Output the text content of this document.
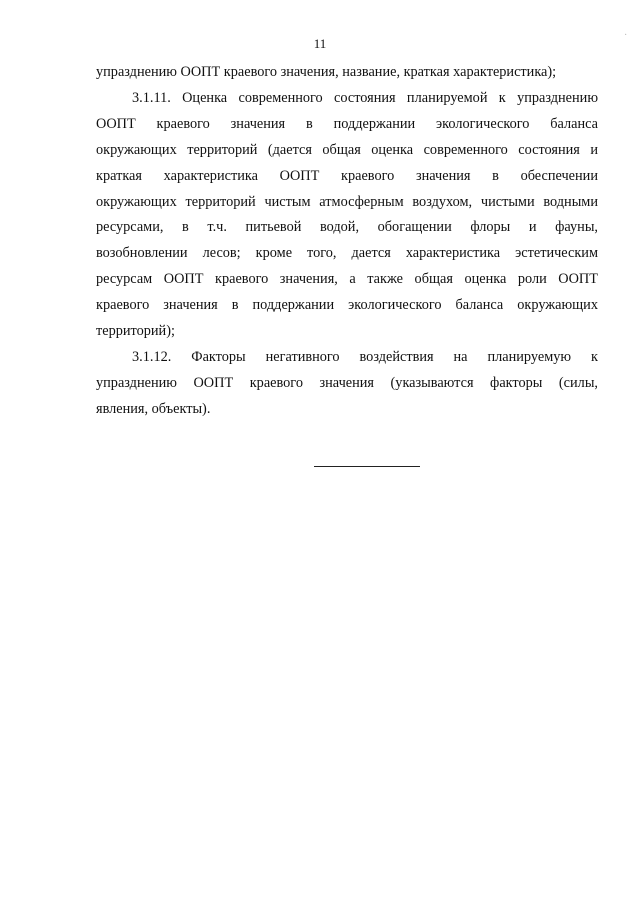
11
упразднению ООПТ краевого значения, название, краткая характеристика);
3.1.11. Оценка современного состояния планируемой к упразднению
ООПТ краевого значения в поддержании экологического баланса
окружающих территорий (дается общая оценка современного состояния и
краткая характеристика ООПТ краевого значения в обеспечении
окружающих территорий чистым атмосферным воздухом, чистыми водными
ресурсами, в т.ч. питьевой водой, обогащении флоры и фауны,
возобновлении лесов; кроме того, дается характеристика эстетическим
ресурсам ООПТ краевого значения, а также общая оценка роли ООПТ
краевого значения в поддержании экологического баланса окружающих
территорий);
3.1.12. Факторы негативного воздействия на планируемую к
упразднению ООПТ краевого значения (указываются факторы (силы,
явления, объекты).
·
